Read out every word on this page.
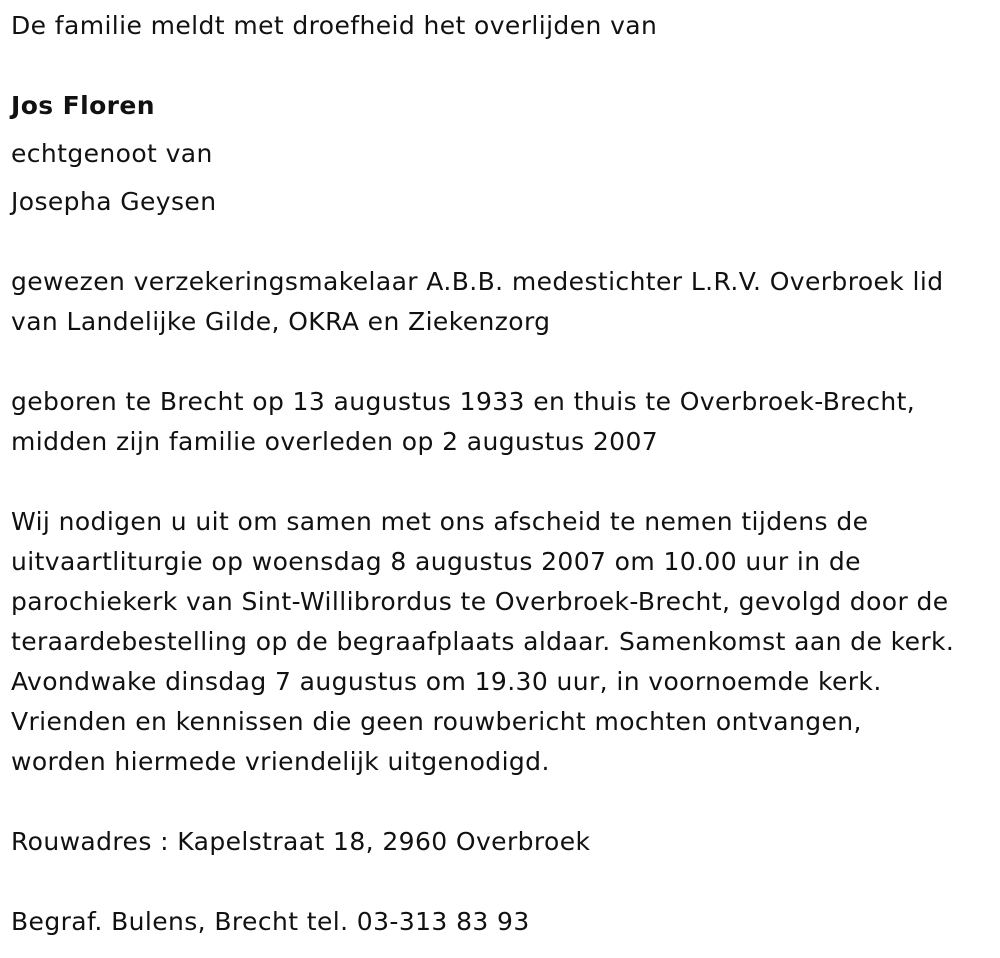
De familie meldt met droefheid het overlijden van
Jos Floren
echtgenoot van
Josepha Geysen
gewezen verzekeringsmakelaar A.B.B. medestichter L.R.V. Overbroek lid
van Landelijke Gilde, OKRA en Ziekenzorg
geboren te Brecht op 13 augustus 1933 en thuis te Overbroek-Brecht,
midden zijn familie overleden op 2 augustus 2007
Wij nodigen u uit om samen met ons afscheid te nemen tijdens de
uitvaartliturgie op woensdag 8 augustus 2007 om 10.00 uur in de
parochiekerk van Sint-Willibrordus te Overbroek-Brecht, gevolgd door de
teraardebestelling op de begraafplaats aldaar. Samenkomst aan de kerk.
Avondwake dinsdag 7 augustus om 19.30 uur, in voornoemde kerk.
Vrienden en kennissen die geen rouwbericht mochten ontvangen,
worden hiermede vriendelijk uitgenodigd.
Rouwadres : Kapelstraat 18, 2960 Overbroek
Begraf. Bulens, Brecht tel. 03-313 83 93
